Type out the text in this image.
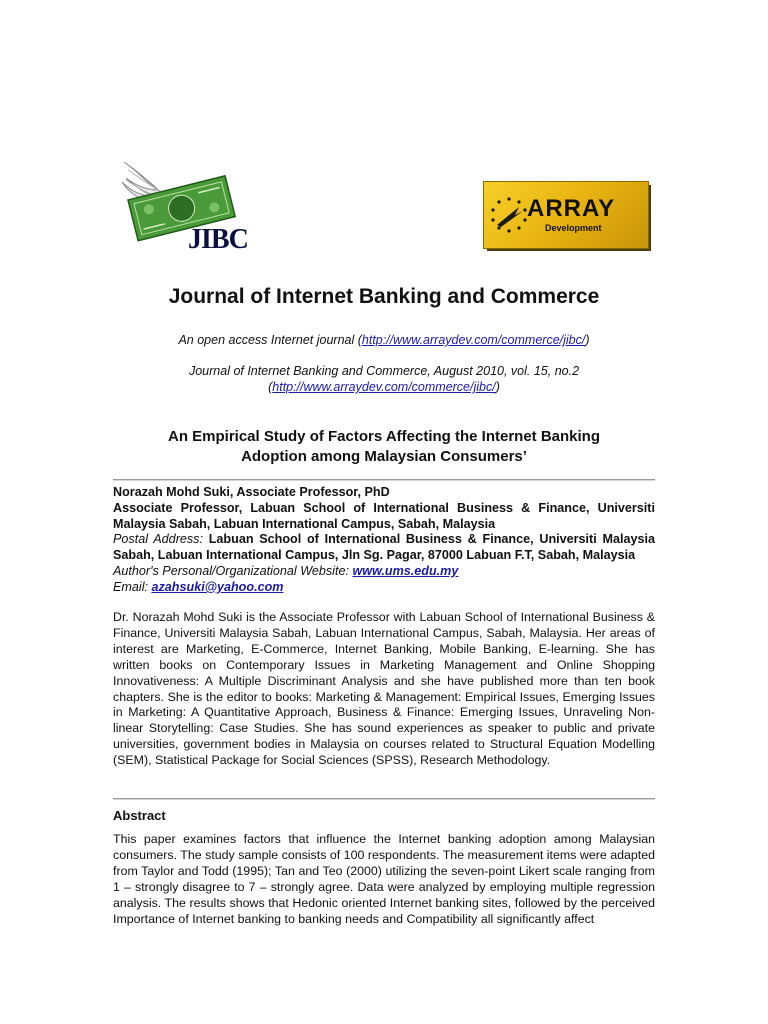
JIBC
ARRAY
Development
Journal of Internet Banking and Commerce
An open access Internet journal (http://www.arraydev.com/commerce/jibc/)
Journal of Internet Banking and Commerce, August 2010, vol. 15, no.2
(http://www.arraydev.com/commerce/jibc/)
An Empirical Study of Factors Affecting the Internet Banking
Adoption among Malaysian Consumers’
Norazah Mohd Suki, Associate Professor, PhD
Associate Professor, Labuan School of International Business & Finance, Universiti Malaysia Sabah, Labuan International Campus, Sabah, Malaysia
Postal Address: Labuan School of International Business & Finance, Universiti Malaysia Sabah, Labuan International Campus, Jln Sg. Pagar, 87000 Labuan F.T, Sabah, Malaysia
Author's Personal/Organizational Website: www.ums.edu.my
Email: azahsuki@yahoo.com
Dr. Norazah Mohd Suki is the Associate Professor with Labuan School of International Business & Finance, Universiti Malaysia Sabah, Labuan International Campus, Sabah, Malaysia. Her areas of interest are Marketing, E-Commerce, Internet Banking, Mobile Banking, E-learning. She has written books on Contemporary Issues in Marketing Management and Online Shopping Innovativeness: A Multiple Discriminant Analysis and she have published more than ten book chapters. She is the editor to books: Marketing & Management: Empirical Issues, Emerging Issues in Marketing: A Quantitative Approach, Business & Finance: Emerging Issues, Unraveling Non-linear Storytelling: Case Studies. She has sound experiences as speaker to public and private universities, government bodies in Malaysia on courses related to Structural Equation Modelling (SEM), Statistical Package for Social Sciences (SPSS), Research Methodology.
Abstract
This paper examines factors that influence the Internet banking adoption among Malaysian consumers. The study sample consists of 100 respondents. The measurement items were adapted from Taylor and Todd (1995); Tan and Teo (2000) utilizing the seven-point Likert scale ranging from 1 – strongly disagree to 7 – strongly agree. Data were analyzed by employing multiple regression analysis. The results shows that Hedonic oriented Internet banking sites, followed by the perceived Importance of Internet banking to banking needs and Compatibility all significantly affect
